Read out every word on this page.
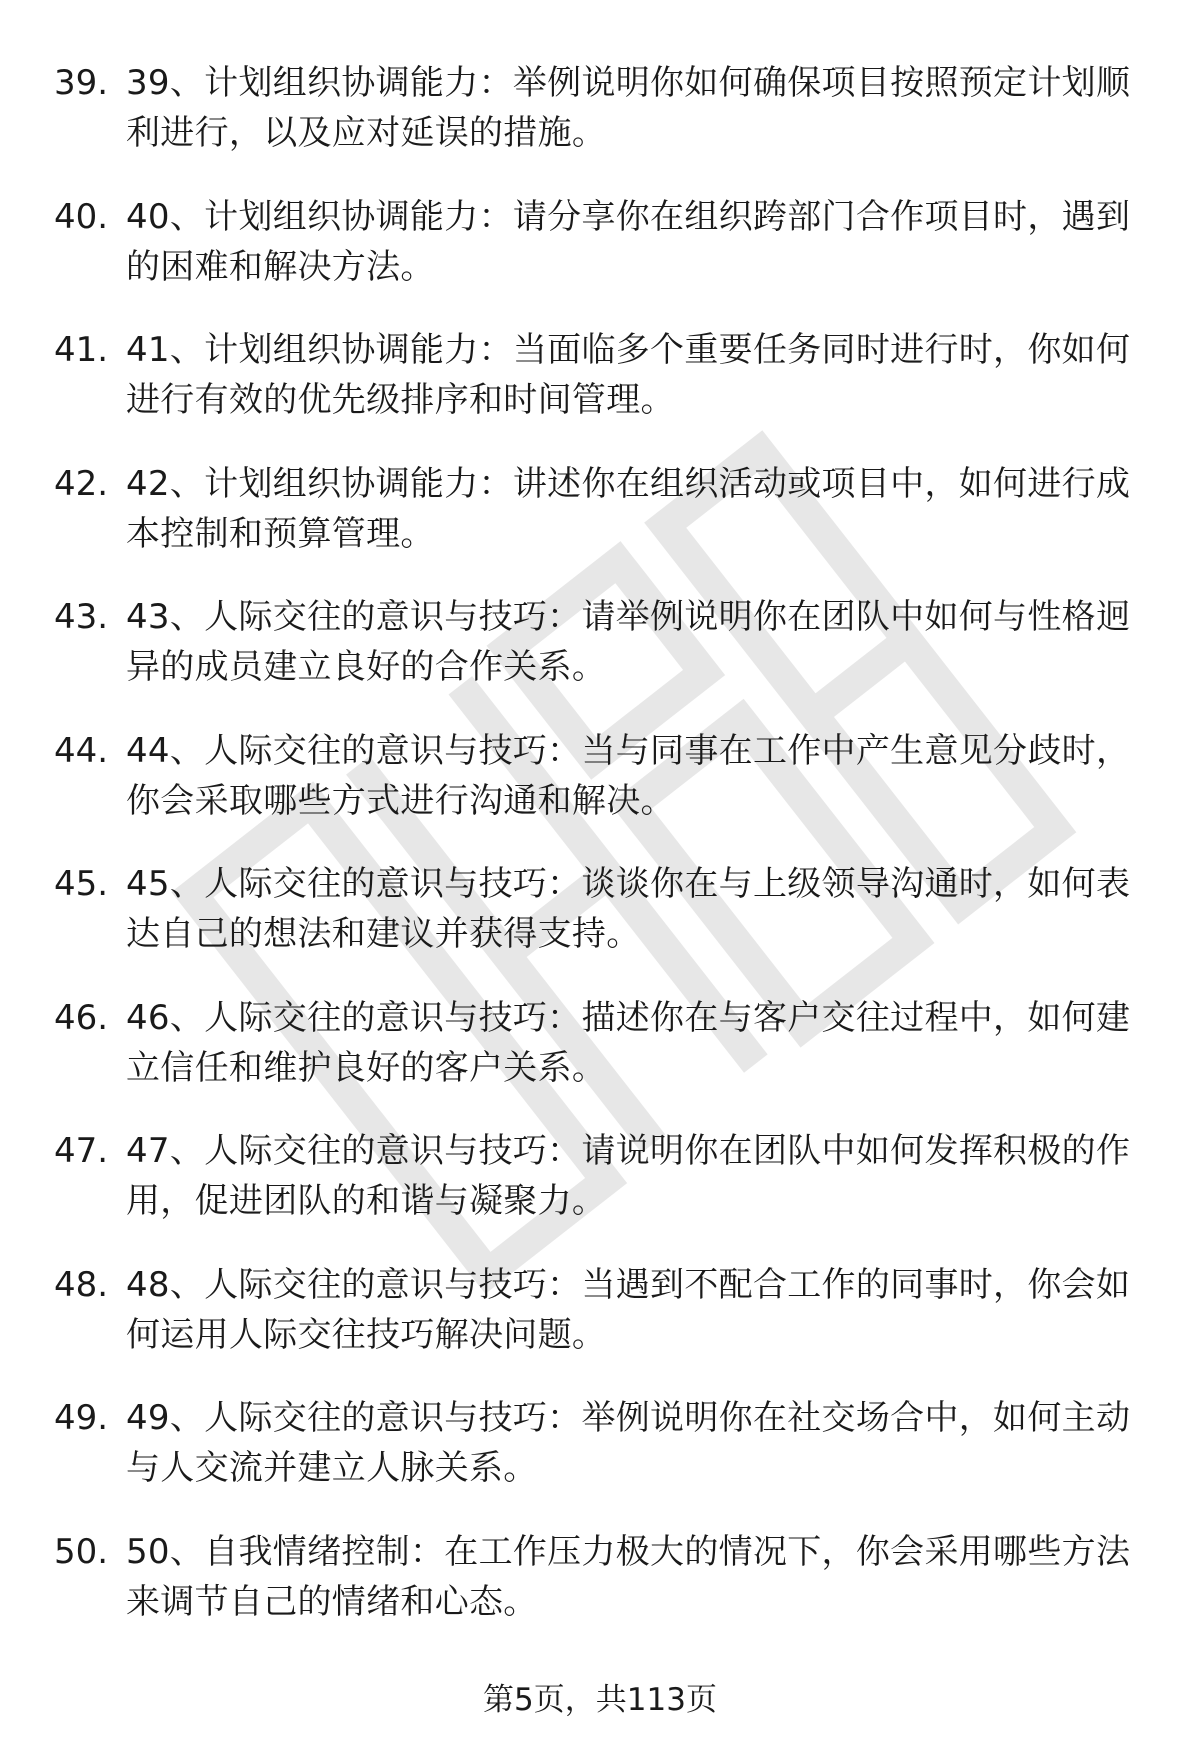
39. 39、计划组织协调能力：举例说明你如何确保项目按照预定计划顺利进行，以及应对延误的措施。
40. 40、计划组织协调能力：请分享你在组织跨部门合作项目时，遇到的困难和解决方法。
41. 41、计划组织协调能力：当面临多个重要任务同时进行时，你如何进行有效的优先级排序和时间管理。
42. 42、计划组织协调能力：讲述你在组织活动或项目中，如何进行成本控制和预算管理。
43. 43、人际交往的意识与技巧：请举例说明你在团队中如何与性格迥异的成员建立良好的合作关系。
44. 44、人际交往的意识与技巧：当与同事在工作中产生意见分歧时，你会采取哪些方式进行沟通和解决。
45. 45、人际交往的意识与技巧：谈谈你在与上级领导沟通时，如何表达自己的想法和建议并获得支持。
46. 46、人际交往的意识与技巧：描述你在与客户交往过程中，如何建立信任和维护良好的客户关系。
47. 47、人际交往的意识与技巧：请说明你在团队中如何发挥积极的作用，促进团队的和谐与凝聚力。
48. 48、人际交往的意识与技巧：当遇到不配合工作的同事时，你会如何运用人际交往技巧解决问题。
49. 49、人际交往的意识与技巧：举例说明你在社交场合中，如何主动与人交流并建立人脉关系。
50. 50、自我情绪控制：在工作压力极大的情况下，你会采用哪些方法来调节自己的情绪和心态。
第5页，共113页
